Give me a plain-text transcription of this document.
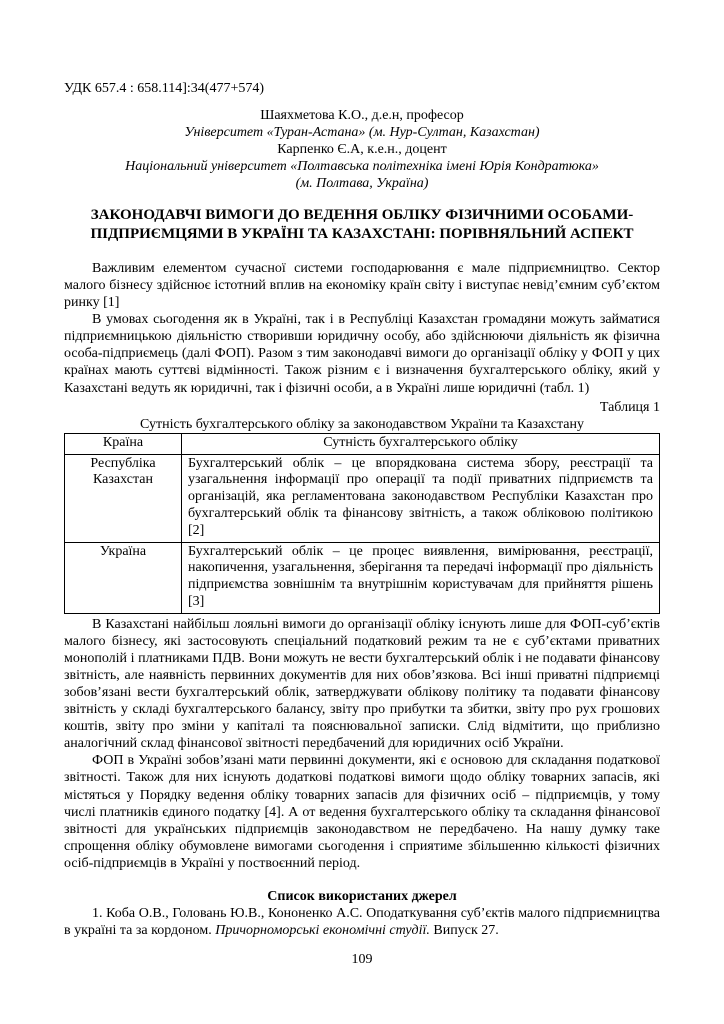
УДК 657.4 : 658.114]:34(477+574)
Шаяхметова К.О., д.е.н, професор
Університет «Туран-Астана» (м. Нур-Султан, Казахстан)
Карпенко Є.А, к.е.н., доцент
Національний університет «Полтавська політехніка імені Юрія Кондратюка»
(м. Полтава, Україна)
ЗАКОНОДАВЧІ ВИМОГИ ДО ВЕДЕННЯ ОБЛІКУ ФІЗИЧНИМИ ОСОБАМИ-ПІДПРИЄМЦЯМИ В УКРАЇНІ ТА КАЗАХСТАНІ: ПОРІВНЯЛЬНИЙ АСПЕКТ

Важливим елементом сучасної системи господарювання є мале підприємництво. Сектор малого бізнесу здійснює істотний вплив на економіку країн світу і виступає невід’ємним суб’єктом ринку [1]

В умовах сьогодення як в Україні, так і в Республіці Казахстан громадяни можуть займатися підприємницькою діяльністю створивши юридичну особу, або здійснюючи діяльність як фізична особа-підприємець (далі ФОП). Разом з тим законодавчі вимоги до організації обліку у ФОП у цих країнах мають суттєві відмінності. Також різним є і визначення бухгалтерського обліку, який у Казахстані ведуть як юридичні, так і фізичні особи, а в Україні лише юридичні (табл. 1)

Таблиця 1
Сутність бухгалтерського обліку за законодавством України та Казахстану
Країна	Сутність бухгалтерського обліку
Республіка Казахстан	Бухгалтерський облік – це впорядкована система збору, реєстрації та узагальнення інформації про операції та події приватних підприємств та організацій, яка регламентована законодавством Республіки Казахстан про бухгалтерський облік та фінансову звітність, а також обліковою політикою [2]
Україна	Бухгалтерський облік – це процес виявлення, вимірювання, реєстрації, накопичення, узагальнення, зберігання та передачі інформації про діяльність підприємства зовнішнім та внутрішнім користувачам для прийняття рішень [3]

В Казахстані найбільш лояльні вимоги до організації обліку існують лише для ФОП-суб’єктів малого бізнесу, які застосовують спеціальний податковий режим та не є суб’єктами приватних монополій і платниками ПДВ. Вони можуть не вести бухгалтерський облік і не подавати фінансову звітність, але наявність первинних документів для них обов’язкова. Всі інші приватні підприємці зобов’язані вести бухгалтерський облік, затверджувати облікову політику та подавати фінансову звітність у складі бухгалтерського балансу, звіту про прибутки та збитки, звіту про рух грошових коштів, звіту про зміни у капіталі та пояснювальної записки. Слід відмітити, що приблизно аналогічний склад фінансової звітності передбачений для юридичних осіб України.

ФОП в Україні зобов’язані мати первинні документи, які є основою для складання податкової звітності. Також для них існують додаткові податкові вимоги щодо обліку товарних запасів, які містяться у Порядку ведення обліку товарних запасів для фізичних осіб – підприємців, у тому числі платників єдиного податку [4]. А от ведення бухгалтерського обліку та складання фінансової звітності для українських підприємців законодавством не передбачено. На нашу думку таке спрощення обліку обумовлене вимогами сьогодення і сприятиме збільшенню кількості фізичних осіб-підприємців в Україні у поствоєнний період.

Список використаних джерел

1. Коба О.В., Головань Ю.В., Кононенко А.С. Оподаткування суб’єктів малого підприємництва в україні та за кордоном. Причорноморські економічні студії. Випуск 27.

109
